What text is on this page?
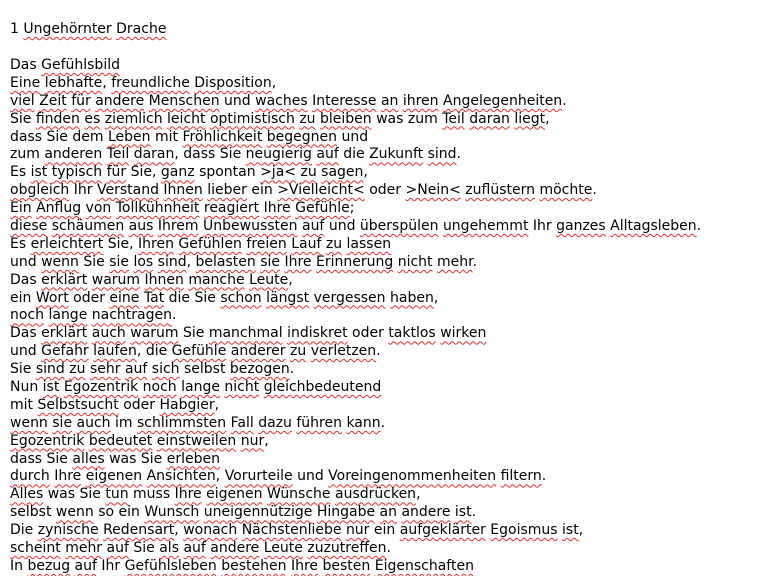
1 Ungehörnter Drache
Das Gefühlsbild
Eine lebhafte, freundliche Disposition,
viel Zeit für andere Menschen und waches Interesse an ihren Angelegenheiten.
Sie finden es ziemlich leicht optimistisch zu bleiben was zum Teil daran liegt,
dass Sie dem Leben mit Fröhlichkeit begegnen und
zum anderen Teil daran, dass Sie neugierig auf die Zukunft sind.
Es ist typisch für Sie, ganz spontan >ja< zu sagen,
obgleich Ihr Verstand Ihnen lieber ein >Vielleicht< oder >Nein< zuflüstern möchte.
Ein Anflug von Tollkühnheit reagiert Ihre Gefühle;
diese schäumen aus Ihrem Unbewussten auf und überspülen ungehemmt Ihr ganzes Alltagsleben.
Es erleichtert Sie, Ihren Gefühlen freien Lauf zu lassen
und wenn Sie sie los sind, belasten sie Ihre Erinnerung nicht mehr.
Das erklärt warum Ihnen manche Leute,
ein Wort oder eine Tat die Sie schon längst vergessen haben,
noch lange nachtragen.
Das erklärt auch warum Sie manchmal indiskret oder taktlos wirken
und Gefahr laufen, die Gefühle anderer zu verletzen.
Sie sind zu sehr auf sich selbst bezogen.
Nun ist Egozentrik noch lange nicht gleichbedeutend
mit Selbstsucht oder Habgier,
wenn sie auch im schlimmsten Fall dazu führen kann.
Egozentrik bedeutet einstweilen nur,
dass Sie alles was Sie erleben
durch Ihre eigenen Ansichten, Vorurteile und Voreingenommenheiten filtern.
Alles was Sie tun muss Ihre eigenen Wünsche ausdrücken,
selbst wenn so ein Wunsch uneigennützige Hingabe an andere ist.
Die zynische Redensart, wonach Nächstenliebe nur ein aufgeklärter Egoismus ist,
scheint mehr auf Sie als auf andere Leute zuzutreffen.
In bezug auf Ihr Gefühlsleben bestehen Ihre besten Eigenschaften
